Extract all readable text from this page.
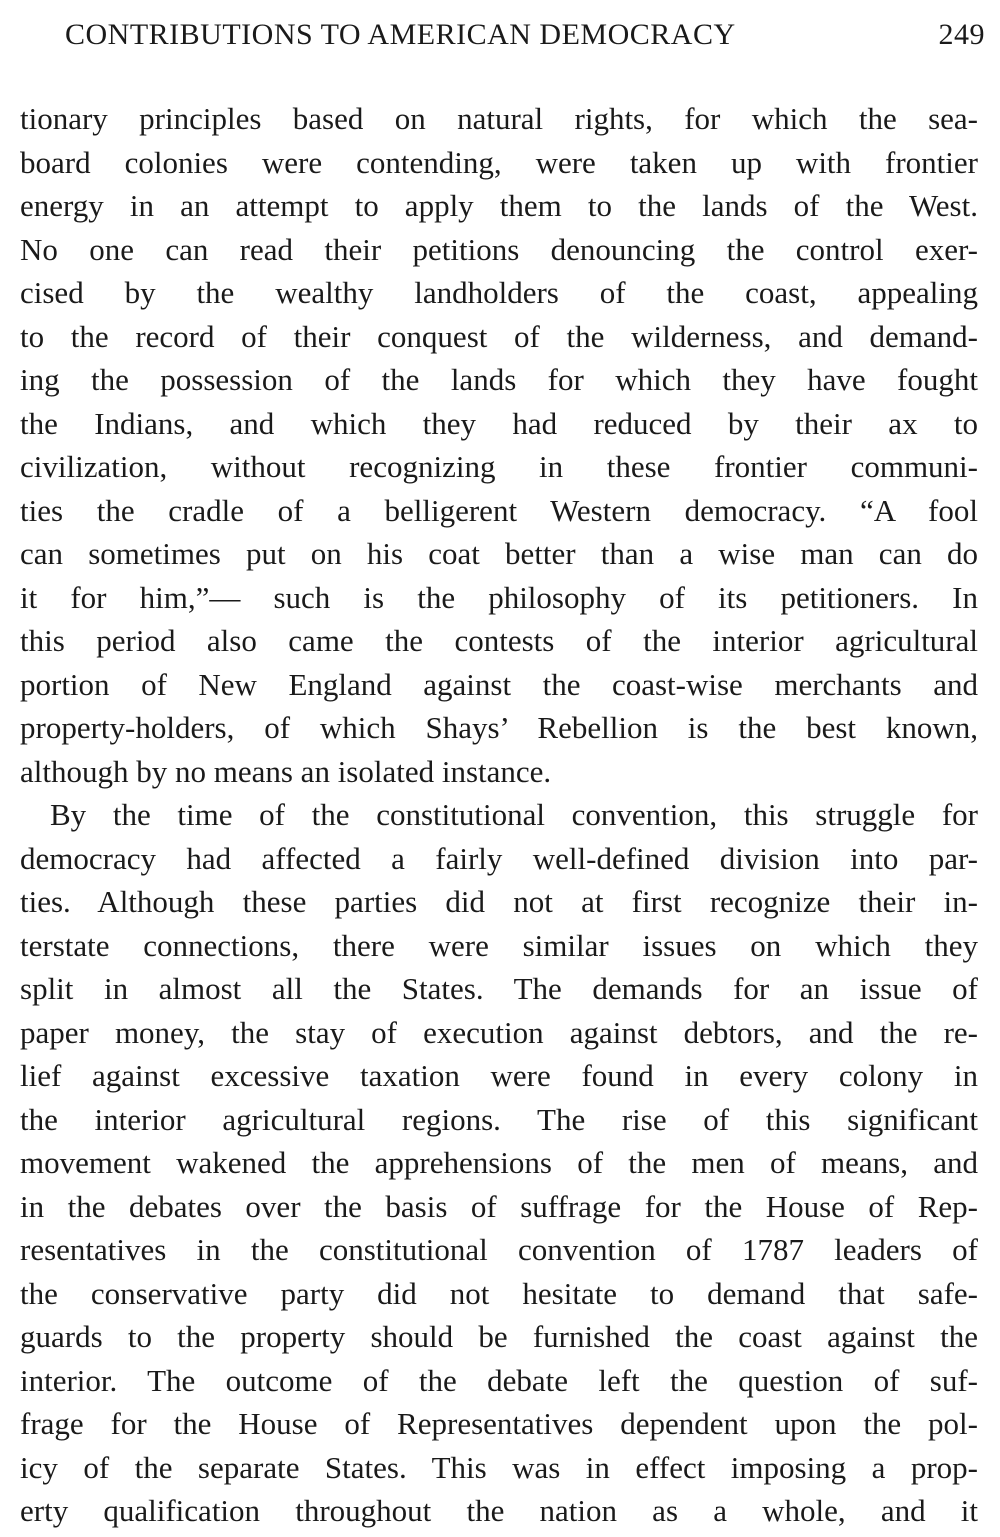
CONTRIBUTIONS TO AMERICAN DEMOCRACY	249
tionary principles based on natural rights, for which the sea-
board colonies were contending, were taken up with frontier
energy in an attempt to apply them to the lands of the West.
No one can read their petitions denouncing the control exer-
cised by the wealthy landholders of the coast, appealing
to the record of their conquest of the wilderness, and demand-
ing the possession of the lands for which they have fought
the Indians, and which they had reduced by their ax to
civilization, without recognizing in these frontier communi-
ties the cradle of a belligerent Western democracy. “A fool
can sometimes put on his coat better than a wise man can do
it for him,”— such is the philosophy of its petitioners. In
this period also came the contests of the interior agricultural
portion of New England against the coast-wise merchants and
property-holders, of which Shays’ Rebellion is the best known,
although by no means an isolated instance.
By the time of the constitutional convention, this struggle for
democracy had affected a fairly well-defined division into par-
ties. Although these parties did not at first recognize their in-
terstate connections, there were similar issues on which they
split in almost all the States. The demands for an issue of
paper money, the stay of execution against debtors, and the re-
lief against excessive taxation were found in every colony in
the interior agricultural regions. The rise of this significant
movement wakened the apprehensions of the men of means, and
in the debates over the basis of suffrage for the House of Rep-
resentatives in the constitutional convention of 1787 leaders of
the conservative party did not hesitate to demand that safe-
guards to the property should be furnished the coast against the
interior. The outcome of the debate left the question of suf-
frage for the House of Representatives dependent upon the pol-
icy of the separate States. This was in effect imposing a prop-
erty qualification throughout the nation as a whole, and it
